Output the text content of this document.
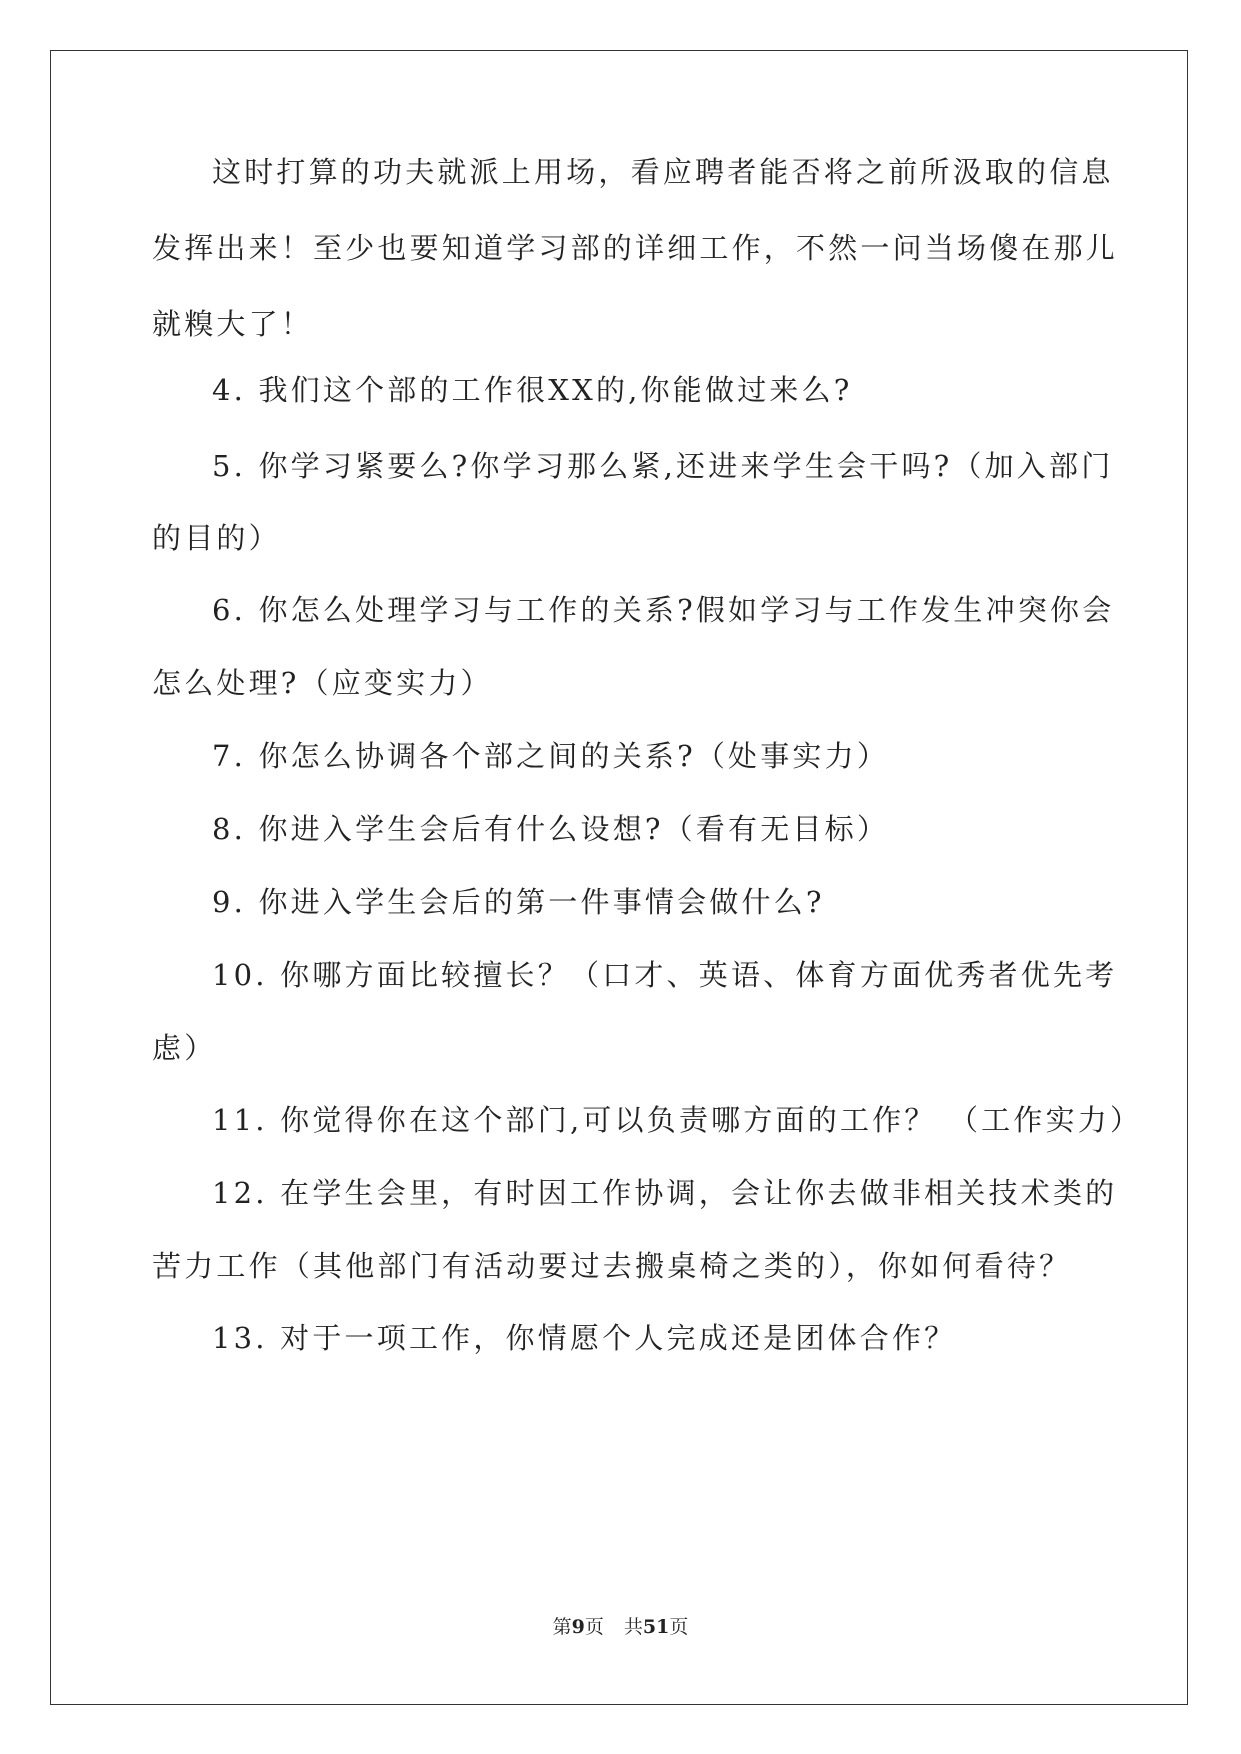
这时打算的功夫就派上用场，看应聘者能否将之前所汲取的信息
发挥出来！至少也要知道学习部的详细工作，不然一问当场傻在那儿
就糗大了！
4. 我们这个部的工作很XX的,你能做过来么?
5. 你学习紧要么?你学习那么紧,还进来学生会干吗?（加入部门
的目的）
6. 你怎么处理学习与工作的关系?假如学习与工作发生冲突你会
怎么处理?（应变实力）
7. 你怎么协调各个部之间的关系?（处事实力）
8. 你进入学生会后有什么设想?（看有无目标）
9. 你进入学生会后的第一件事情会做什么?
10. 你哪方面比较擅长？（口才、英语、体育方面优秀者优先考
虑）
11. 你觉得你在这个部门,可以负责哪方面的工作？ （工作实力）
12. 在学生会里，有时因工作协调，会让你去做非相关技术类的
苦力工作（其他部门有活动要过去搬桌椅之类的），你如何看待？
13. 对于一项工作，你情愿个人完成还是团体合作？
第9页 共51页
